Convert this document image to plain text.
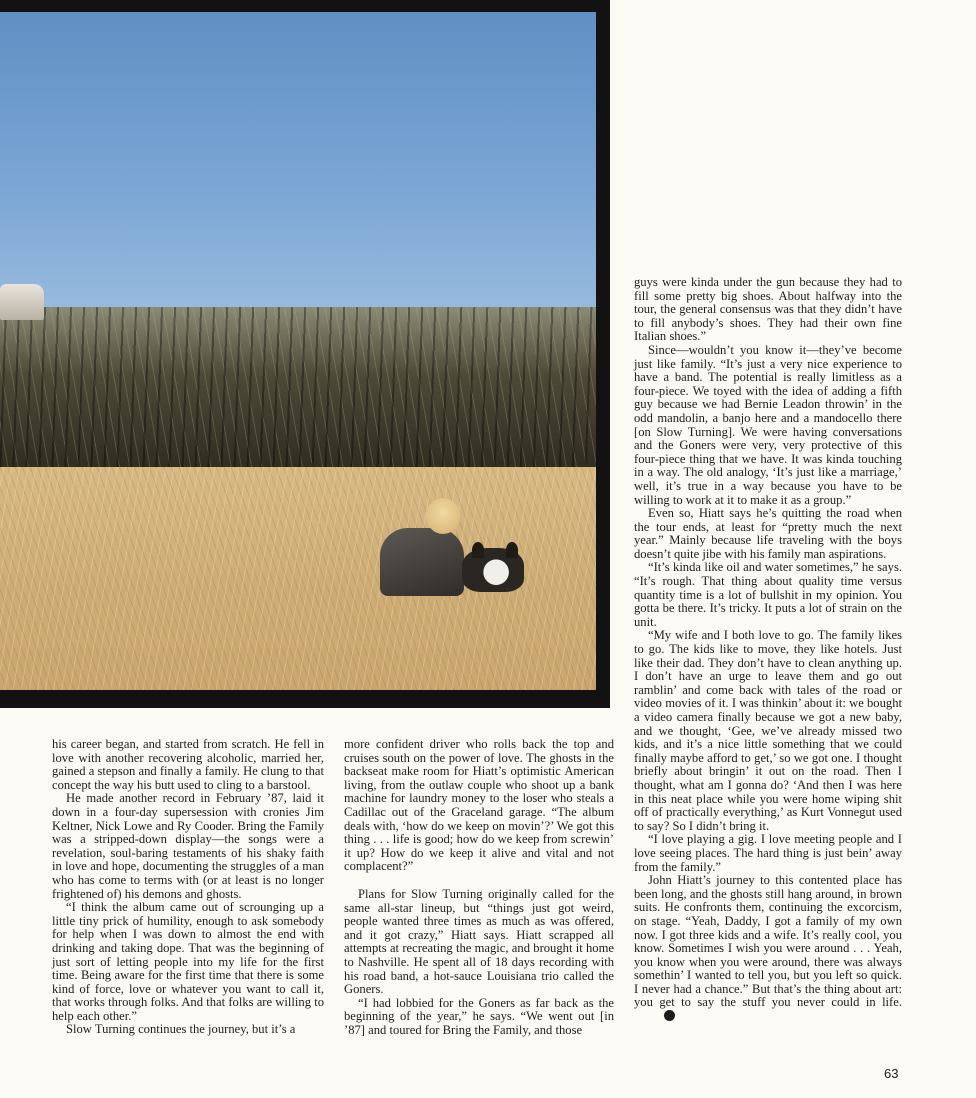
guys were kinda under the gun because they had to fill some pretty big shoes. About halfway into the tour, the general consensus was that they didn’t have to fill anybody’s shoes. They had their own fine Italian shoes.”

Since—wouldn’t you know it—they’ve become just like family. “It’s just a very nice experience to have a band. The potential is really limitless as a four-piece. We toyed with the idea of adding a fifth guy because we had Bernie Leadon throwin’ in the odd mandolin, a banjo here and a mandocello there [on Slow Turning]. We were having conversations and the Goners were very, very protective of this four-piece thing that we have. It was kinda touching in a way. The old analogy, ‘It’s just like a marriage,’ well, it’s true in a way because you have to be willing to work at it to make it as a group.”

Even so, Hiatt says he’s quitting the road when the tour ends, at least for “pretty much the next year.” Mainly because life traveling with the boys doesn’t quite jibe with his family man aspirations.

“It’s kinda like oil and water sometimes,” he says. “It’s rough. That thing about quality time versus quantity time is a lot of bullshit in my opinion. You gotta be there. It’s tricky. It puts a lot of strain on the unit.

“My wife and I both love to go. The family likes to go. The kids like to move, they like hotels. Just like their dad. They don’t have to clean anything up. I don’t have an urge to leave them and go out ramblin’ and come back with tales of the road or video movies of it. I was thinkin’ about it: we bought a video camera finally because we got a new baby, and we thought, ‘Gee, we’ve already missed two kids, and it’s a nice little something that we could finally maybe afford to get,’ so we got one. I thought briefly about bringin’ it out on the road. Then I thought, what am I gonna do? ‘And then I was here in this neat place while you were home wiping shit off of practically everything,’ as Kurt Vonnegut used to say? So I didn’t bring it.

“I love playing a gig. I love meeting people and I love seeing places. The hard thing is just bein’ away from the family.”

John Hiatt’s journey to this contented place has been long, and the ghosts still hang around, in brown suits. He confronts them, continuing the excorcism, on stage. “Yeah, Daddy, I got a family of my own now. I got three kids and a wife. It’s really cool, you know. Sometimes I wish you were around . . . Yeah, you know when you were around, there was always somethin’ I wanted to tell you, but you left so quick. I never had a chance.” But that’s the thing about art: you get to say the stuff you never could in life.

his career began, and started from scratch. He fell in love with another recovering alcoholic, married her, gained a stepson and finally a family. He clung to that concept the way his butt used to cling to a barstool.

He made another record in February ’87, laid it down in a four-day supersession with cronies Jim Keltner, Nick Lowe and Ry Cooder. Bring the Family was a stripped-down display—the songs were a revelation, soul-baring testaments of his shaky faith in love and hope, documenting the struggles of a man who has come to terms with (or at least is no longer frightened of) his demons and ghosts.

“I think the album came out of scrounging up a little tiny prick of humility, enough to ask somebody for help when I was down to almost the end with drinking and taking dope. That was the beginning of just sort of letting people into my life for the first time. Being aware for the first time that there is some kind of force, love or whatever you want to call it, that works through folks. And that folks are willing to help each other.”

Slow Turning continues the journey, but it’s a

more confident driver who rolls back the top and cruises south on the power of love. The ghosts in the backseat make room for Hiatt’s optimistic American living, from the outlaw couple who shoot up a bank machine for laundry money to the loser who steals a Cadillac out of the Graceland garage. “The album deals with, ‘how do we keep on movin’?’ We got this thing . . . life is good; how do we keep from screwin’ it up? How do we keep it alive and vital and not complacent?”

Plans for Slow Turning originally called for the same all-star lineup, but “things just got weird, people wanted three times as much as was offered, and it got crazy,” Hiatt says. Hiatt scrapped all attempts at recreating the magic, and brought it home to Nashville. He spent all of 18 days recording with his road band, a hot-sauce Louisiana trio called the Goners.

“I had lobbied for the Goners as far back as the beginning of the year,” he says. “We went out [in ’87] and toured for Bring the Family, and those

63
